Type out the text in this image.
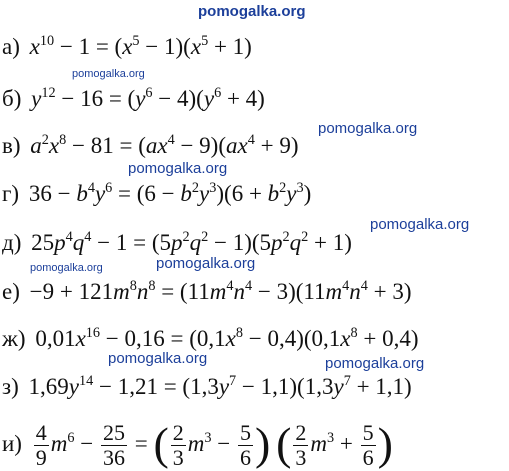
pomogalka.org
pomogalka.org
pomogalka.org
pomogalka.org
pomogalka.org
pomogalka.org	pomogalka.org
pomogalka.org	pomogalka.org
а) $x^{10} - 1 = (x^5 - 1)(x^5 + 1)$
б) $y^{12} - 16 = (y^6 - 4)(y^6 + 4)$
в) $a^2x^8 - 81 = (ax^4 - 9)(ax^4 + 9)$
г) $36 - b^4y^6 = (6 - b^2y^3)(6 + b^2y^3)$
д) $25p^4q^4 - 1 = (5p^2q^2 - 1)(5p^2q^2 + 1)$
$е) -9 + 121m^8n^8 = (11m^4n^4 - 3)(11m^4n^4 + 3)$
ж) $0,01x^{16} - 0,16 = (0,1x^8 - 0,4)(0,1x^8 + 0,4)$
з) $1,69y^{14} - 1,21 = (1,3y^7 - 1,1)(1,3y^7 + 1,1)$
$и) \frac{4}{9} m^6 - \frac{25}{36}$ = ( $\frac{2}{3} m^3 - \frac{5}{6}$ ) ( $\frac{2}{3} m^3 + \frac{5}{6}$ )
